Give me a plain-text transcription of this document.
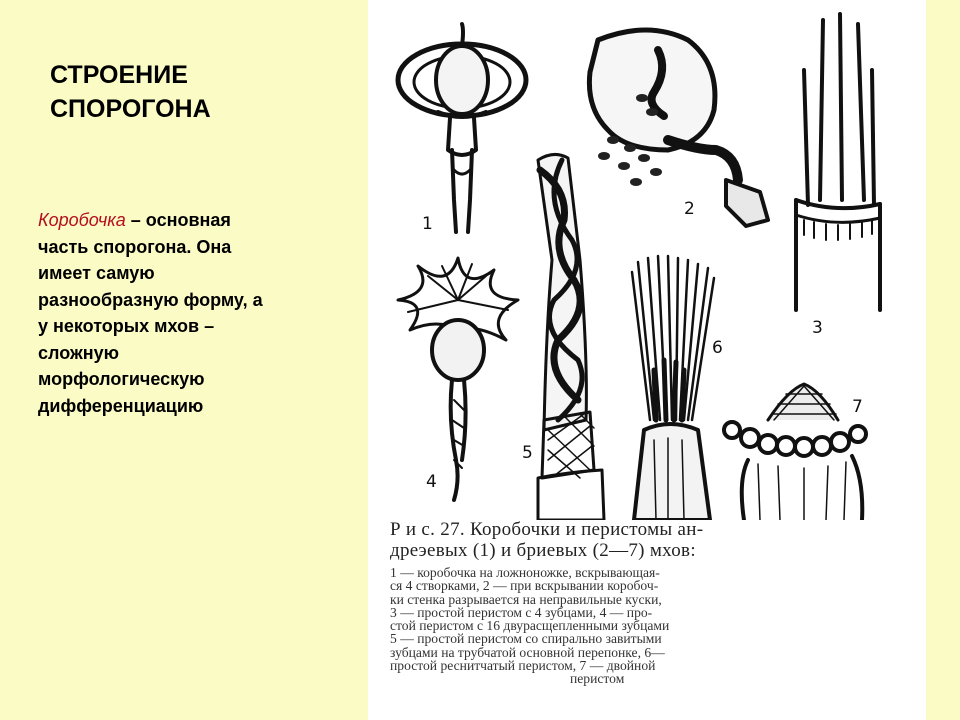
СТРОЕНИЕ
СПОРОГОНА
Коробочка – основная
часть спорогона. Она
имеет самую
разнообразную форму, а
у некоторых мхов –
сложную
морфологическую
дифференциацию
1
2
3
4
5
6
7
Р и с. 27. Коробочки и перистомы ан-
дреэевых (1) и бриевых (2—7) мхов:
1 — коробочка на ложноножке, вскрывающая-
ся 4 створками, 2 — при вскрывании коробоч-
ки стенка разрывается на неправильные куски,
3 — простой перистом с 4 зубцами, 4 — про-
стой перистом с 16 двурасщепленными зубцами
5 — простой перистом со спирально завитыми
зубцами на трубчатой основной перепонке, 6—
простой реснитчатый перистом, 7 — двойной
перистом
